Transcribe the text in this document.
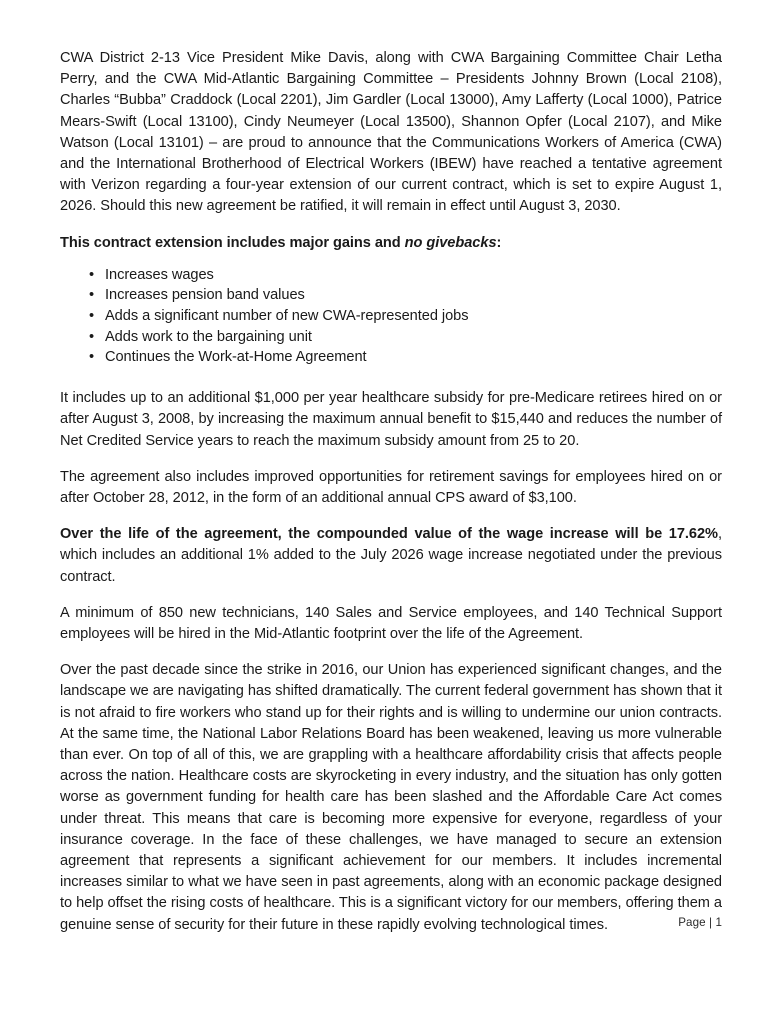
CWA District 2-13 Vice President Mike Davis, along with CWA Bargaining Committee Chair Letha Perry, and the CWA Mid-Atlantic Bargaining Committee – Presidents Johnny Brown (Local 2108), Charles “Bubba” Craddock (Local 2201), Jim Gardler (Local 13000), Amy Lafferty (Local 1000), Patrice Mears-Swift (Local 13100), Cindy Neumeyer (Local 13500), Shannon Opfer (Local 2107), and Mike Watson (Local 13101) – are proud to announce that the Communications Workers of America (CWA) and the International Brotherhood of Electrical Workers (IBEW) have reached a tentative agreement with Verizon regarding a four-year extension of our current contract, which is set to expire August 1, 2026. Should this new agreement be ratified, it will remain in effect until August 3, 2030.

This contract extension includes major gains and no givebacks:
• Increases wages
• Increases pension band values
• Adds a significant number of new CWA-represented jobs
• Adds work to the bargaining unit
• Continues the Work-at-Home Agreement

It includes up to an additional $1,000 per year healthcare subsidy for pre-Medicare retirees hired on or after August 3, 2008, by increasing the maximum annual benefit to $15,440 and reduces the number of Net Credited Service years to reach the maximum subsidy amount from 25 to 20.

The agreement also includes improved opportunities for retirement savings for employees hired on or after October 28, 2012, in the form of an additional annual CPS award of $3,100.

Over the life of the agreement, the compounded value of the wage increase will be 17.62%, which includes an additional 1% added to the July 2026 wage increase negotiated under the previous contract.

A minimum of 850 new technicians, 140 Sales and Service employees, and 140 Technical Support employees will be hired in the Mid-Atlantic footprint over the life of the Agreement.

Over the past decade since the strike in 2016, our Union has experienced significant changes, and the landscape we are navigating has shifted dramatically. The current federal government has shown that it is not afraid to fire workers who stand up for their rights and is willing to undermine our union contracts. At the same time, the National Labor Relations Board has been weakened, leaving us more vulnerable than ever. On top of all of this, we are grappling with a healthcare affordability crisis that affects people across the nation. Healthcare costs are skyrocketing in every industry, and the situation has only gotten worse as government funding for health care has been slashed and the Affordable Care Act comes under threat. This means that care is becoming more expensive for everyone, regardless of your insurance coverage. In the face of these challenges, we have managed to secure an extension agreement that represents a significant achievement for our members. It includes incremental increases similar to what we have seen in past agreements, along with an economic package designed to help offset the rising costs of healthcare. This is a significant victory for our members, offering them a genuine sense of security for their future in these rapidly evolving technological times.	Page | 1
